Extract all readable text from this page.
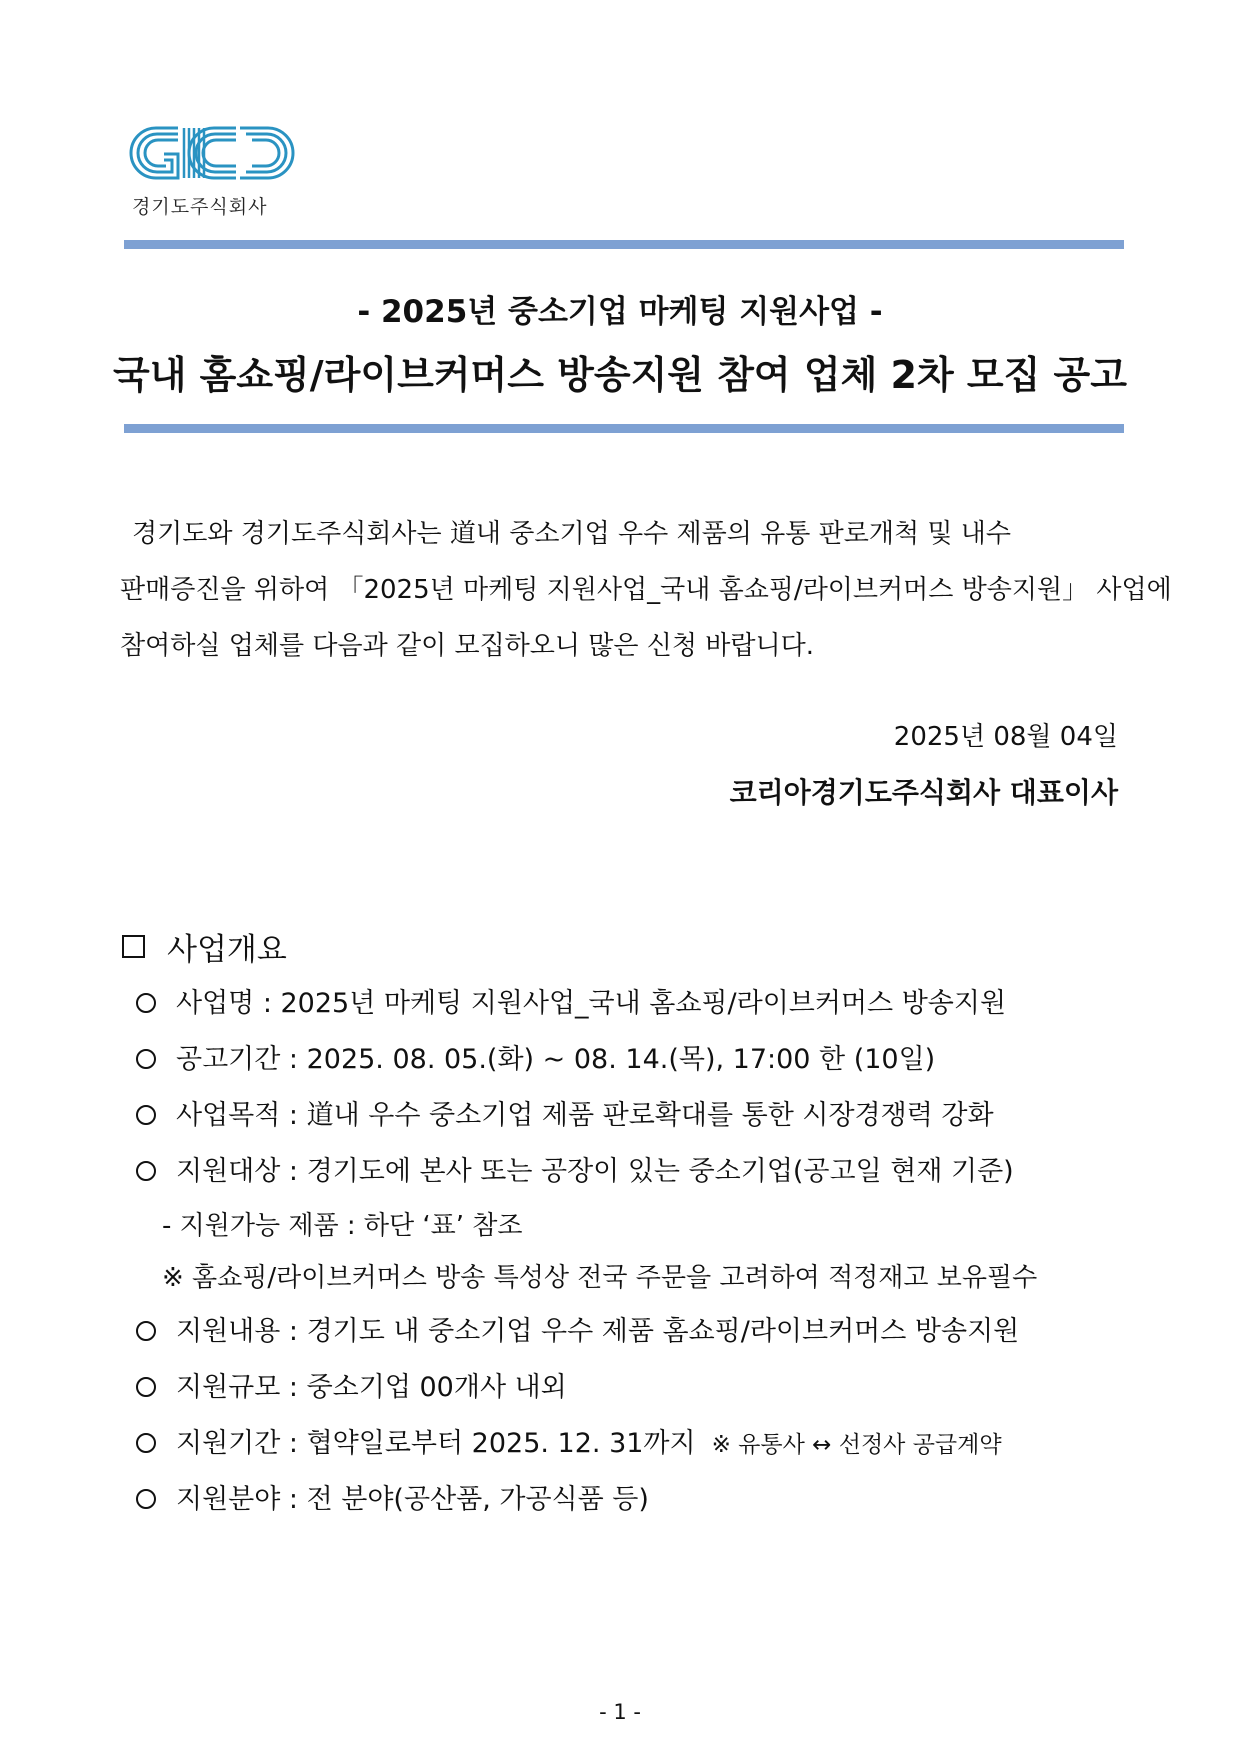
경기도주식회사
- 2025년 중소기업 마케팅 지원사업 -
국내 홈쇼핑/라이브커머스 방송지원 참여 업체 2차 모집 공고
경기도와 경기도주식회사는 道내 중소기업 우수 제품의 유통 판로개척 및 내수
판매증진을 위하여 「2025년 마케팅 지원사업_국내 홈쇼핑/라이브커머스 방송지원」 사업에
참여하실 업체를 다음과 같이 모집하오니 많은 신청 바랍니다.
2025년 08월 04일
코리아경기도주식회사 대표이사
사업개요
사업명 : 2025년 마케팅 지원사업_국내 홈쇼핑/라이브커머스 방송지원
공고기간 : 2025. 08. 05.(화) ~ 08. 14.(목), 17:00 한 (10일)
사업목적 : 道내 우수 중소기업 제품 판로확대를 통한 시장경쟁력 강화
지원대상 : 경기도에 본사 또는 공장이 있는 중소기업(공고일 현재 기준)
- 지원가능 제품 : 하단 ‘표’ 참조
※ 홈쇼핑/라이브커머스 방송 특성상 전국 주문을 고려하여 적정재고 보유필수
지원내용 : 경기도 내 중소기업 우수 제품 홈쇼핑/라이브커머스 방송지원
지원규모 : 중소기업 00개사 내외
지원기간 : 협약일로부터 2025. 12. 31까지 ※ 유통사 ↔ 선정사 공급계약
지원분야 : 전 분야(공산품, 가공식품 등)
- 1 -
